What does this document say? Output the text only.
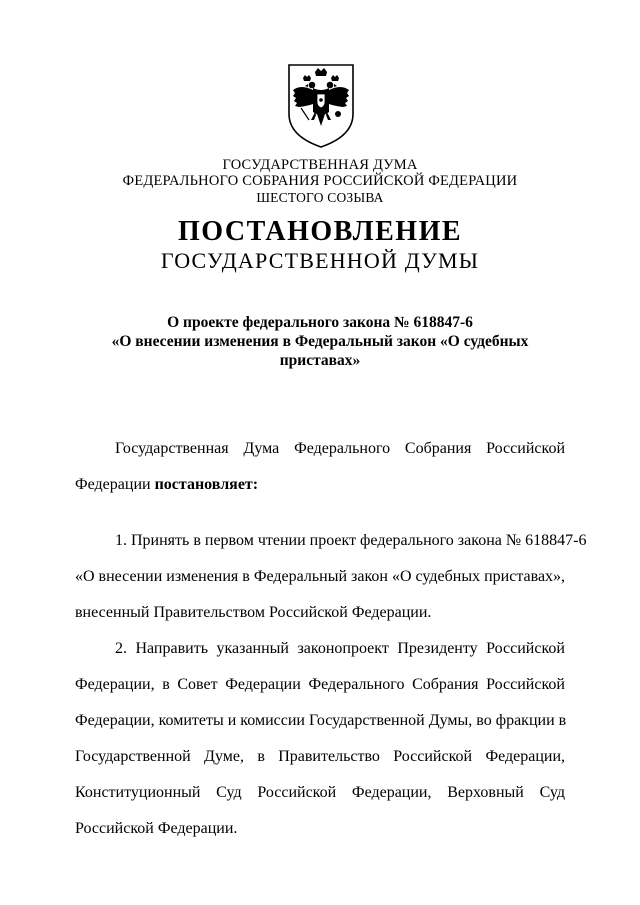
ГОСУДАРСТВЕННАЯ ДУМА
ФЕДЕРАЛЬНОГО СОБРАНИЯ РОССИЙСКОЙ ФЕДЕРАЦИИ
ШЕСТОГО СОЗЫВА
ПОСТАНОВЛЕНИЕ
ГОСУДАРСТВЕННОЙ ДУМЫ
О проекте федерального закона № 618847-6
«О внесении изменения в Федеральный закон «О судебных
приставах»
Государственная Дума Федерального Собрания Российской
Федерации постановляет:
1. Принять в первом чтении проект федерального закона № 618847-6
«О внесении изменения в Федеральный закон «О судебных приставах»,
внесенный Правительством Российской Федерации.
2. Направить указанный законопроект Президенту Российской
Федерации, в Совет Федерации Федерального Собрания Российской
Федерации, комитеты и комиссии Государственной Думы, во фракции в
Государственной Думе, в Правительство Российской Федерации,
Конституционный Суд Российской Федерации, Верховный Суд
Российской Федерации.
